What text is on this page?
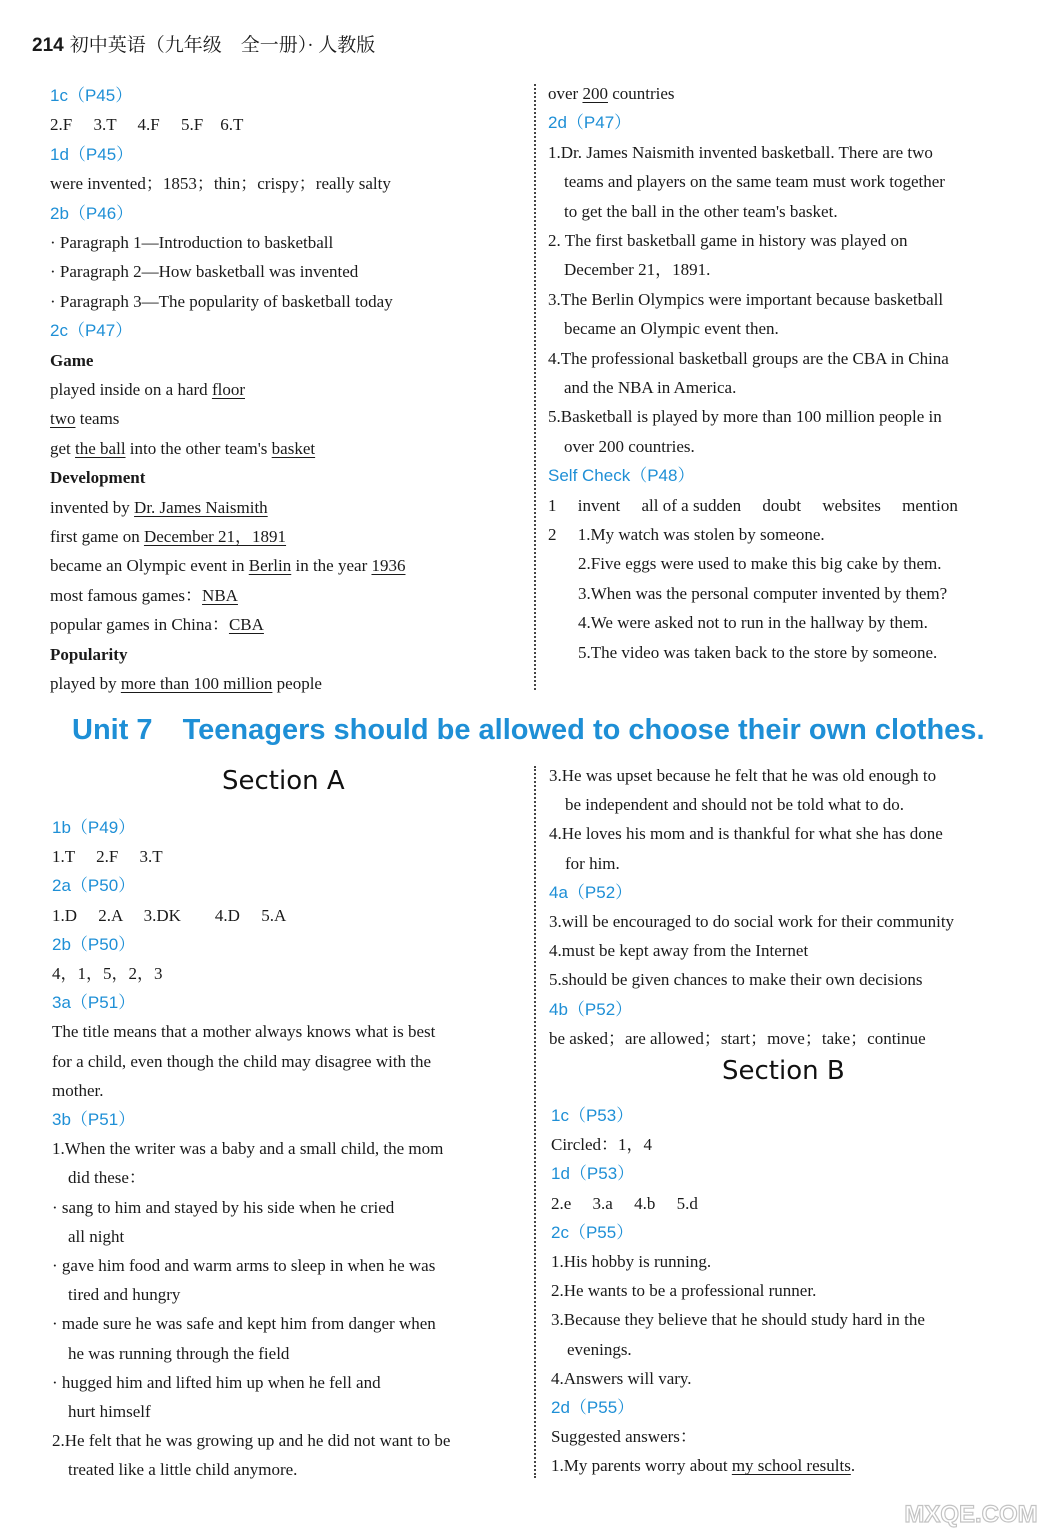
214 初中英语（九年级　全一册）· 人教版
1c（P45）
2.F　 3.T　 4.F　 5.F　6.T
1d（P45）
were invented；1853；thin；crispy；really salty
2b（P46）
· Paragraph 1—Introduction to basketball
· Paragraph 2—How basketball was invented
· Paragraph 3—The popularity of basketball today
2c（P47）
Game
played inside on a hard floor
two teams
get the ball into the other team's basket
Development
invented by Dr. James Naismith
first game on December 21，1891
became an Olympic event in Berlin in the year 1936
most famous games：NBA
popular games in China：CBA
Popularity
played by more than 100 million people
over 200 countries
2d（P47）
1.Dr. James Naismith invented basketball. There are two
teams and players on the same team must work together
to get the ball in the other team's basket.
2. The first basketball game in history was played on
December 21，1891.
3.The Berlin Olympics were important because basketball
became an Olympic event then.
4.The professional basketball groups are the CBA in China
and the NBA in America.
5.Basketball is played by more than 100 million people in
over 200 countries.
Self Check（P48）
1　 invent　 all of a sudden　 doubt　 websites　 mention
2　 1.My watch was stolen by someone.
2.Five eggs were used to make this big cake by them.
3.When was the personal computer invented by them?
4.We were asked not to run in the hallway by them.
5.The video was taken back to the store by someone.
Unit 7 Teenagers should be allowed to choose their own clothes.
Section A
1b（P49）
1.T　 2.F　 3.T
2a（P50）
1.D　 2.A　 3.DK　　4.D　 5.A
2b（P50）
4，1，5，2，3
3a（P51）
The title means that a mother always knows what is best
for a child, even though the child may disagree with the
mother.
3b（P51）
1.When the writer was a baby and a small child, the mom
did these：
· sang to him and stayed by his side when he cried
all night
· gave him food and warm arms to sleep in when he was
tired and hungry
· made sure he was safe and kept him from danger when
he was running through the field
· hugged him and lifted him up when he fell and
hurt himself
2.He felt that he was growing up and he did not want to be
treated like a little child anymore.
3.He was upset because he felt that he was old enough to
be independent and should not be told what to do.
4.He loves his mom and is thankful for what she has done
for him.
4a（P52）
3.will be encouraged to do social work for their community
4.must be kept away from the Internet
5.should be given chances to make their own decisions
4b（P52）
be asked；are allowed；start；move；take；continue
Section B
1c（P53）
Circled：1，4
1d（P53）
2.e　 3.a　 4.b　 5.d
2c（P55）
1.His hobby is running.
2.He wants to be a professional runner.
3.Because they believe that he should study hard in the
evenings.
4.Answers will vary.
2d（P55）
Suggested answers：
1.My parents worry about my school results.
MXQE.COM
